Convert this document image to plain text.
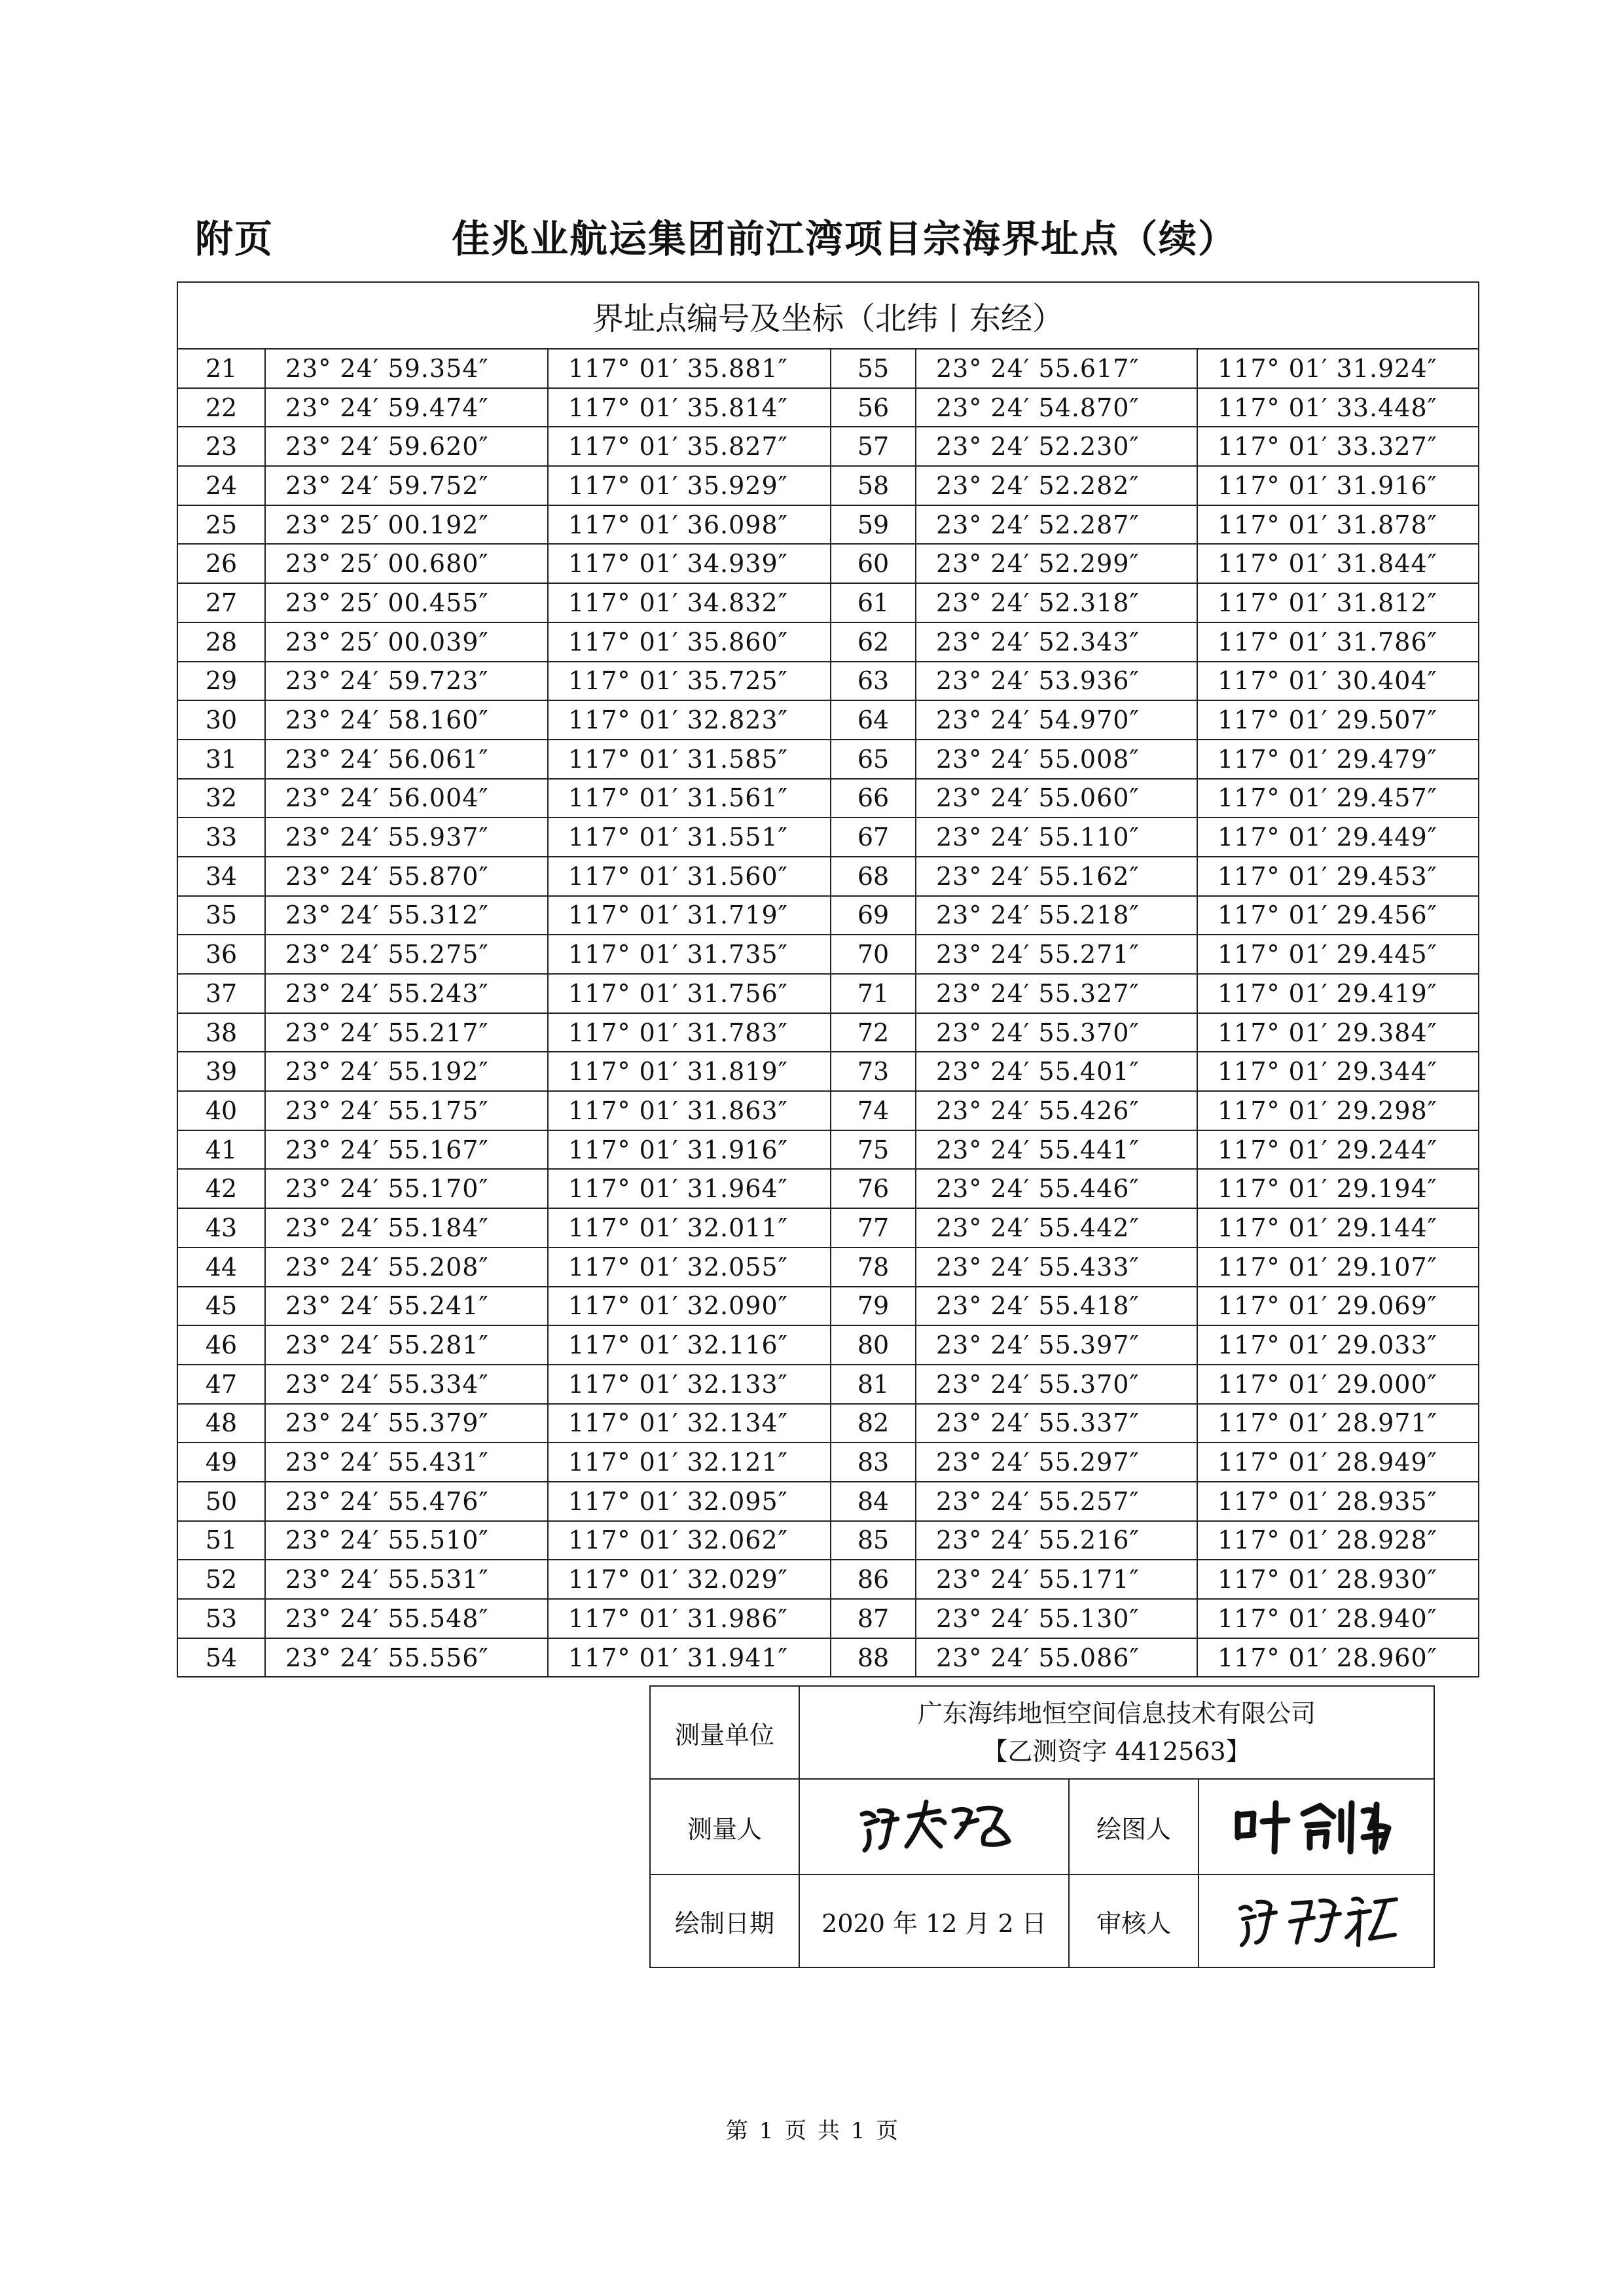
附页	佳兆业航运集团前江湾项目宗海界址点（续）
界址点编号及坐标（北纬丨东经）					
21	23° 24′ 59.354″	117° 01′ 35.881″	55	23° 24′ 55.617″	117° 01′ 31.924″
22	23° 24′ 59.474″	117° 01′ 35.814″	56	23° 24′ 54.870″	117° 01′ 33.448″
23	23° 24′ 59.620″	117° 01′ 35.827″	57	23° 24′ 52.230″	117° 01′ 33.327″
24	23° 24′ 59.752″	117° 01′ 35.929″	58	23° 24′ 52.282″	117° 01′ 31.916″
25	23° 25′ 00.192″	117° 01′ 36.098″	59	23° 24′ 52.287″	117° 01′ 31.878″
26	23° 25′ 00.680″	117° 01′ 34.939″	60	23° 24′ 52.299″	117° 01′ 31.844″
27	23° 25′ 00.455″	117° 01′ 34.832″	61	23° 24′ 52.318″	117° 01′ 31.812″
28	23° 25′ 00.039″	117° 01′ 35.860″	62	23° 24′ 52.343″	117° 01′ 31.786″
29	23° 24′ 59.723″	117° 01′ 35.725″	63	23° 24′ 53.936″	117° 01′ 30.404″
30	23° 24′ 58.160″	117° 01′ 32.823″	64	23° 24′ 54.970″	117° 01′ 29.507″
31	23° 24′ 56.061″	117° 01′ 31.585″	65	23° 24′ 55.008″	117° 01′ 29.479″
32	23° 24′ 56.004″	117° 01′ 31.561″	66	23° 24′ 55.060″	117° 01′ 29.457″
33	23° 24′ 55.937″	117° 01′ 31.551″	67	23° 24′ 55.110″	117° 01′ 29.449″
34	23° 24′ 55.870″	117° 01′ 31.560″	68	23° 24′ 55.162″	117° 01′ 29.453″
35	23° 24′ 55.312″	117° 01′ 31.719″	69	23° 24′ 55.218″	117° 01′ 29.456″
36	23° 24′ 55.275″	117° 01′ 31.735″	70	23° 24′ 55.271″	117° 01′ 29.445″
37	23° 24′ 55.243″	117° 01′ 31.756″	71	23° 24′ 55.327″	117° 01′ 29.419″
38	23° 24′ 55.217″	117° 01′ 31.783″	72	23° 24′ 55.370″	117° 01′ 29.384″
39	23° 24′ 55.192″	117° 01′ 31.819″	73	23° 24′ 55.401″	117° 01′ 29.344″
40	23° 24′ 55.175″	117° 01′ 31.863″	74	23° 24′ 55.426″	117° 01′ 29.298″
41	23° 24′ 55.167″	117° 01′ 31.916″	75	23° 24′ 55.441″	117° 01′ 29.244″
42	23° 24′ 55.170″	117° 01′ 31.964″	76	23° 24′ 55.446″	117° 01′ 29.194″
43	23° 24′ 55.184″	117° 01′ 32.011″	77	23° 24′ 55.442″	117° 01′ 29.144″
44	23° 24′ 55.208″	117° 01′ 32.055″	78	23° 24′ 55.433″	117° 01′ 29.107″
45	23° 24′ 55.241″	117° 01′ 32.090″	79	23° 24′ 55.418″	117° 01′ 29.069″
46	23° 24′ 55.281″	117° 01′ 32.116″	80	23° 24′ 55.397″	117° 01′ 29.033″
47	23° 24′ 55.334″	117° 01′ 32.133″	81	23° 24′ 55.370″	117° 01′ 29.000″
48	23° 24′ 55.379″	117° 01′ 32.134″	82	23° 24′ 55.337″	117° 01′ 28.971″
49	23° 24′ 55.431″	117° 01′ 32.121″	83	23° 24′ 55.297″	117° 01′ 28.949″
50	23° 24′ 55.476″	117° 01′ 32.095″	84	23° 24′ 55.257″	117° 01′ 28.935″
51	23° 24′ 55.510″	117° 01′ 32.062″	85	23° 24′ 55.216″	117° 01′ 28.928″
52	23° 24′ 55.531″	117° 01′ 32.029″	86	23° 24′ 55.171″	117° 01′ 28.930″
53	23° 24′ 55.548″	117° 01′ 31.986″	87	23° 24′ 55.130″	117° 01′ 28.940″
54	23° 24′ 55.556″	117° 01′ 31.941″	88	23° 24′ 55.086″	117° 01′ 28.960″
测量单位	广东海纬地恒空间信息技术有限公司
【乙测资字 4412563】		

测量人		绘图人	
绘制日期	2020 年 12 月 2 日	审核人	
第 1 页 共 1 页
